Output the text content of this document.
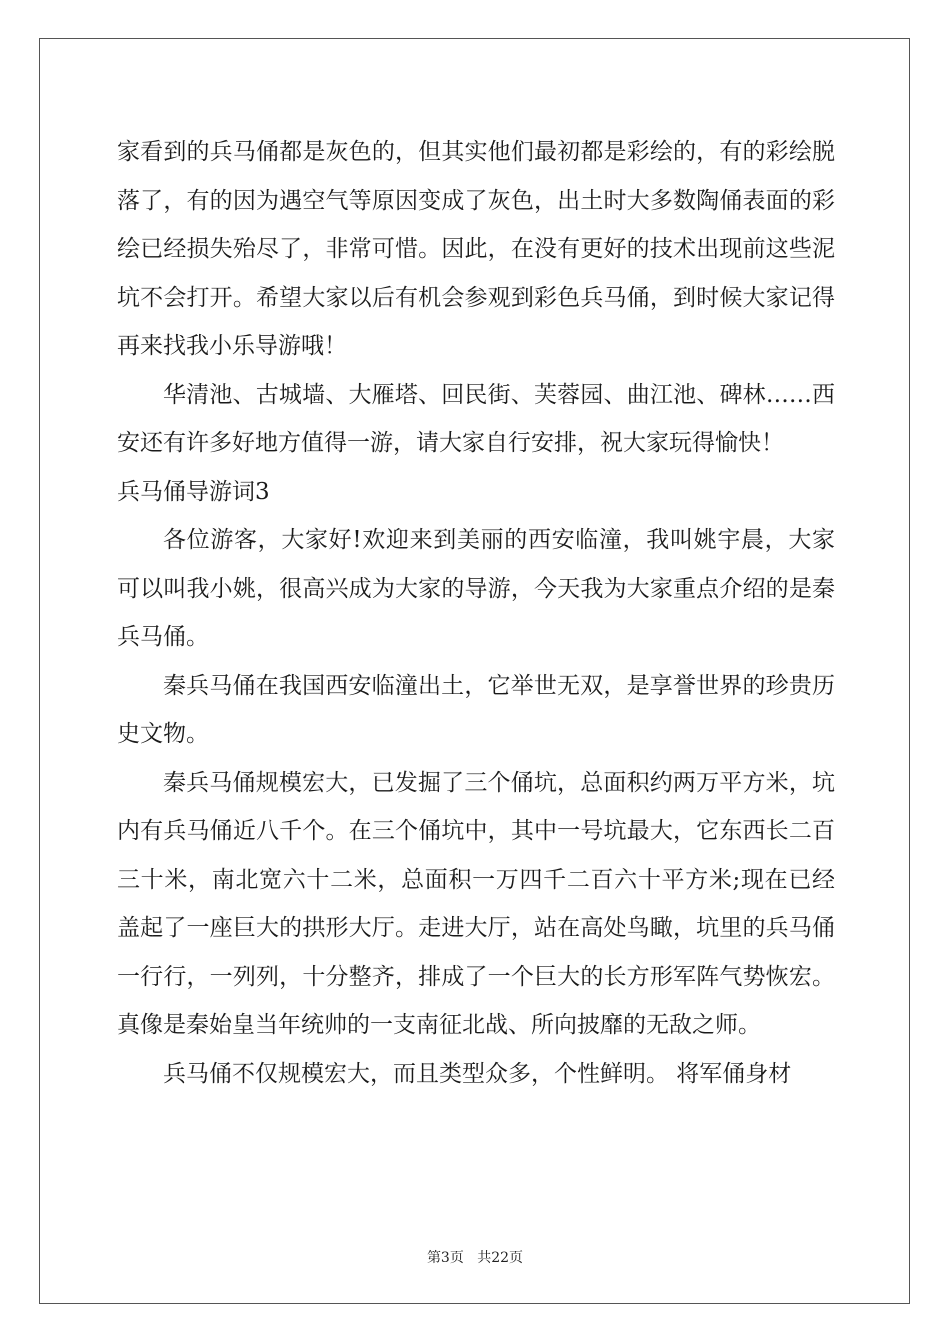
家看到的兵马俑都是灰色的，但其实他们最初都是彩绘的，有的彩绘脱落了，有的因为遇空气等原因变成了灰色，出土时大多数陶俑表面的彩绘已经损失殆尽了，非常可惜。因此，在没有更好的技术出现前这些泥坑不会打开。希望大家以后有机会参观到彩色兵马俑，到时候大家记得再来找我小乐导游哦！

华清池、古城墙、大雁塔、回民街、芙蓉园、曲江池、碑林……西安还有许多好地方值得一游，请大家自行安排，祝大家玩得愉快！

兵马俑导游词3

各位游客，大家好!欢迎来到美丽的西安临潼，我叫姚宇晨，大家可以叫我小姚，很高兴成为大家的导游，今天我为大家重点介绍的是秦兵马俑。

秦兵马俑在我国西安临潼出土，它举世无双，是享誉世界的珍贵历史文物。

秦兵马俑规模宏大，已发掘了三个俑坑，总面积约两万平方米，坑内有兵马俑近八千个。在三个俑坑中，其中一号坑最大，它东西长二百三十米，南北宽六十二米，总面积一万四千二百六十平方米;现在已经盖起了一座巨大的拱形大厅。走进大厅，站在高处鸟瞰，坑里的兵马俑一行行，一列列，十分整齐，排成了一个巨大的长方形军阵气势恢宏。真像是秦始皇当年统帅的一支南征北战、所向披靡的无敌之师。

兵马俑不仅规模宏大，而且类型众多，个性鲜明。 将军俑身材

第3页 共22页
